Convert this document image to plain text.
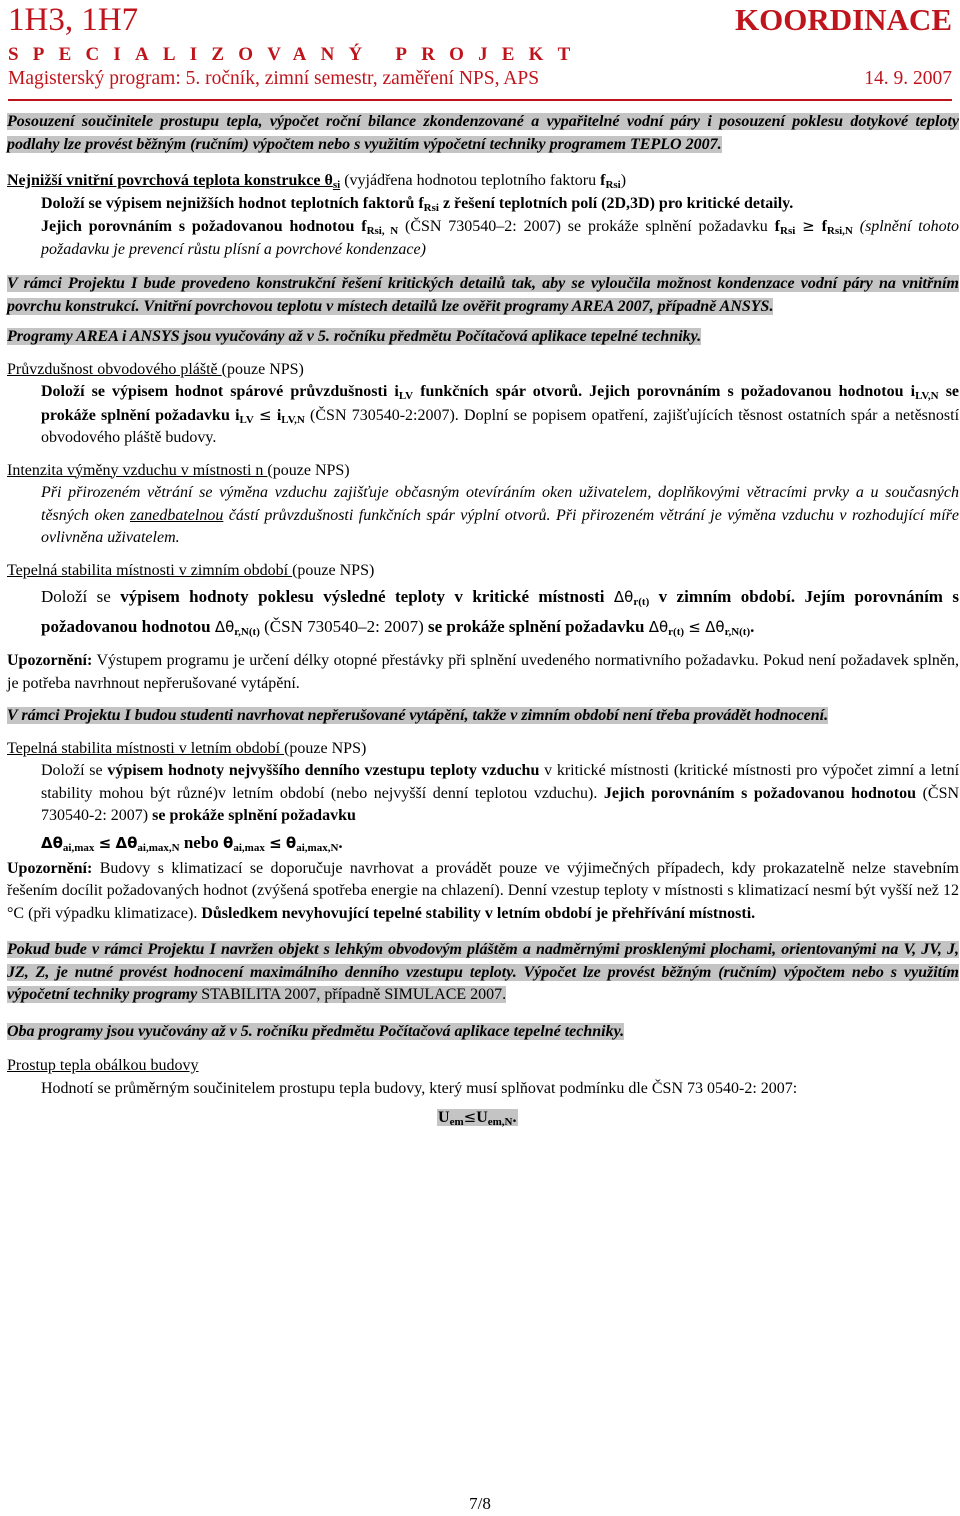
1H3, 1H7	KOORDINACE
SPECIALIZOVANÝ PROJEKT
Magisterský program: 5. ročník, zimní semestr, zaměření NPS, APS	14. 9. 2007

Posouzení součinitele prostupu tepla, výpočet roční bilance zkondenzované a vypařitelné vodní páry i posouzení poklesu dotykové teploty podlahy lze provést běžným (ručním) výpočtem nebo s využitím výpočetní techniky programem TEPLO 2007.

Nejnižší vnitřní povrchová teplota konstrukce $\theta_{si}$ (vyjádřena hodnotou teplotního faktoru $f_{Rsi}$)

Doloží se výpisem nejnižších hodnot teplotních faktorů $f_{Rsi}$ z řešení teplotních polí (2D,3D) pro kritické detaily.

Jejich porovnáním s požadovanou hodnotou $f_{Rsi, N}$ (ČSN 730540–2: 2007) se prokáže splnění požadavku $f_{Rsi} \ge f_{Rsi,N}$ (splnění tohoto požadavku je prevencí růstu plísní a povrchové kondenzace)

V rámci Projektu I bude provedeno konstrukční řešení kritických detailů tak, aby se vyloučila možnost kondenzace vodní páry na vnitřním povrchu konstrukcí. Vnitřní povrchovou teplotu v místech detailů lze ověřit programy AREA 2007, případně ANSYS.

Programy AREA i ANSYS jsou vyučovány až v 5. ročníku předmětu Počítačová aplikace tepelné techniky.

Průvzdušnost obvodového pláště (pouze NPS)

Doloží se výpisem hodnot spárové průvzdušnosti $i_{LV}$ funkčních spár otvorů. Jejich porovnáním s požadovanou hodnotou $i_{LV,N}$ se prokáže splnění požadavku $i_{LV} \le i_{LV,N}$ (ČSN 730540-2:2007). Doplní se popisem opatření, zajišťujících těsnost ostatních spár a netěsností obvodového pláště budovy.

Intenzita výměny vzduchu v místnosti n (pouze NPS)

Při přirozeném větrání se výměna vzduchu zajišťuje občasným otevíráním oken uživatelem, doplňkovými větracími prvky a u současných těsných oken zanedbatelnou částí průvzdušnosti funkčních spár výplní otvorů. Při přirozeném větrání je výměna vzduchu v rozhodující míře ovlivněna uživatelem.

Tepelná stabilita místnosti v zimním období (pouze NPS)

Doloží se výpisem hodnoty poklesu výsledné teploty v kritické místnosti $\Delta\theta_{r(t)}$ v zimním období. Jejím porovnáním s požadovanou hodnotou $\Delta\theta_{r,N(t)}$ (ČSN 730540–2: 2007) se prokáže splnění požadavku $\Delta\theta_{r(t)} \le \Delta\theta_{r,N(t)}$.

Upozornění: Výstupem programu je určení délky otopné přestávky při splnění uvedeného normativního požadavku. Pokud není požadavek splněn, je potřeba navrhnout nepřerušované vytápění.

V rámci Projektu I budou studenti navrhovat nepřerušované vytápění, takže v zimním období není třeba provádět hodnocení.

Tepelná stabilita místnosti v letním období (pouze NPS)

Doloží se výpisem hodnoty nejvyššího denního vzestupu teploty vzduchu v kritické místnosti (kritické místnosti pro výpočet zimní a letní stability mohou být různé)v letním období (nebo nejvyšší denní teplotou vzduchu). Jejich porovnáním s požadovanou hodnotou (ČSN 730540-2: 2007) se prokáže splnění požadavku

$\Delta\theta_{ai,max} \le \Delta\theta_{ai,max,N}$ nebo $\theta_{ai,max} \le \theta_{ai,max,N}$.

Upozornění: Budovy s klimatizací se doporučuje navrhovat a provádět pouze ve výjimečných případech, kdy prokazatelně nelze stavebním řešením docílit požadovaných hodnot (zvýšená spotřeba energie na chlazení). Denní vzestup teploty v místnosti s klimatizací nesmí být vyšší než 12 °C (při výpadku klimatizace). Důsledkem nevyhovující tepelné stability v letním období je přehřívání místnosti.

Pokud bude v rámci Projektu I navržen objekt s lehkým obvodovým pláštěm a nadměrnými prosklenými plochami, orientovanými na V, JV, J, JZ, Z, je nutné provést hodnocení maximálního denního vzestupu teploty. Výpočet lze provést běžným (ručním) výpočtem nebo s využitím výpočetní techniky programy STABILITA 2007, případně SIMULACE 2007.

Oba programy jsou vyučovány až v 5. ročníku předmětu Počítačová aplikace tepelné techniky.

Prostup tepla obálkou budovy

Hodnotí se průměrným součinitelem prostupu tepla budovy, který musí splňovat podmínku dle ČSN 73 0540-2: 2007:

$U_{em}\le U_{em,N}$.

7/8
